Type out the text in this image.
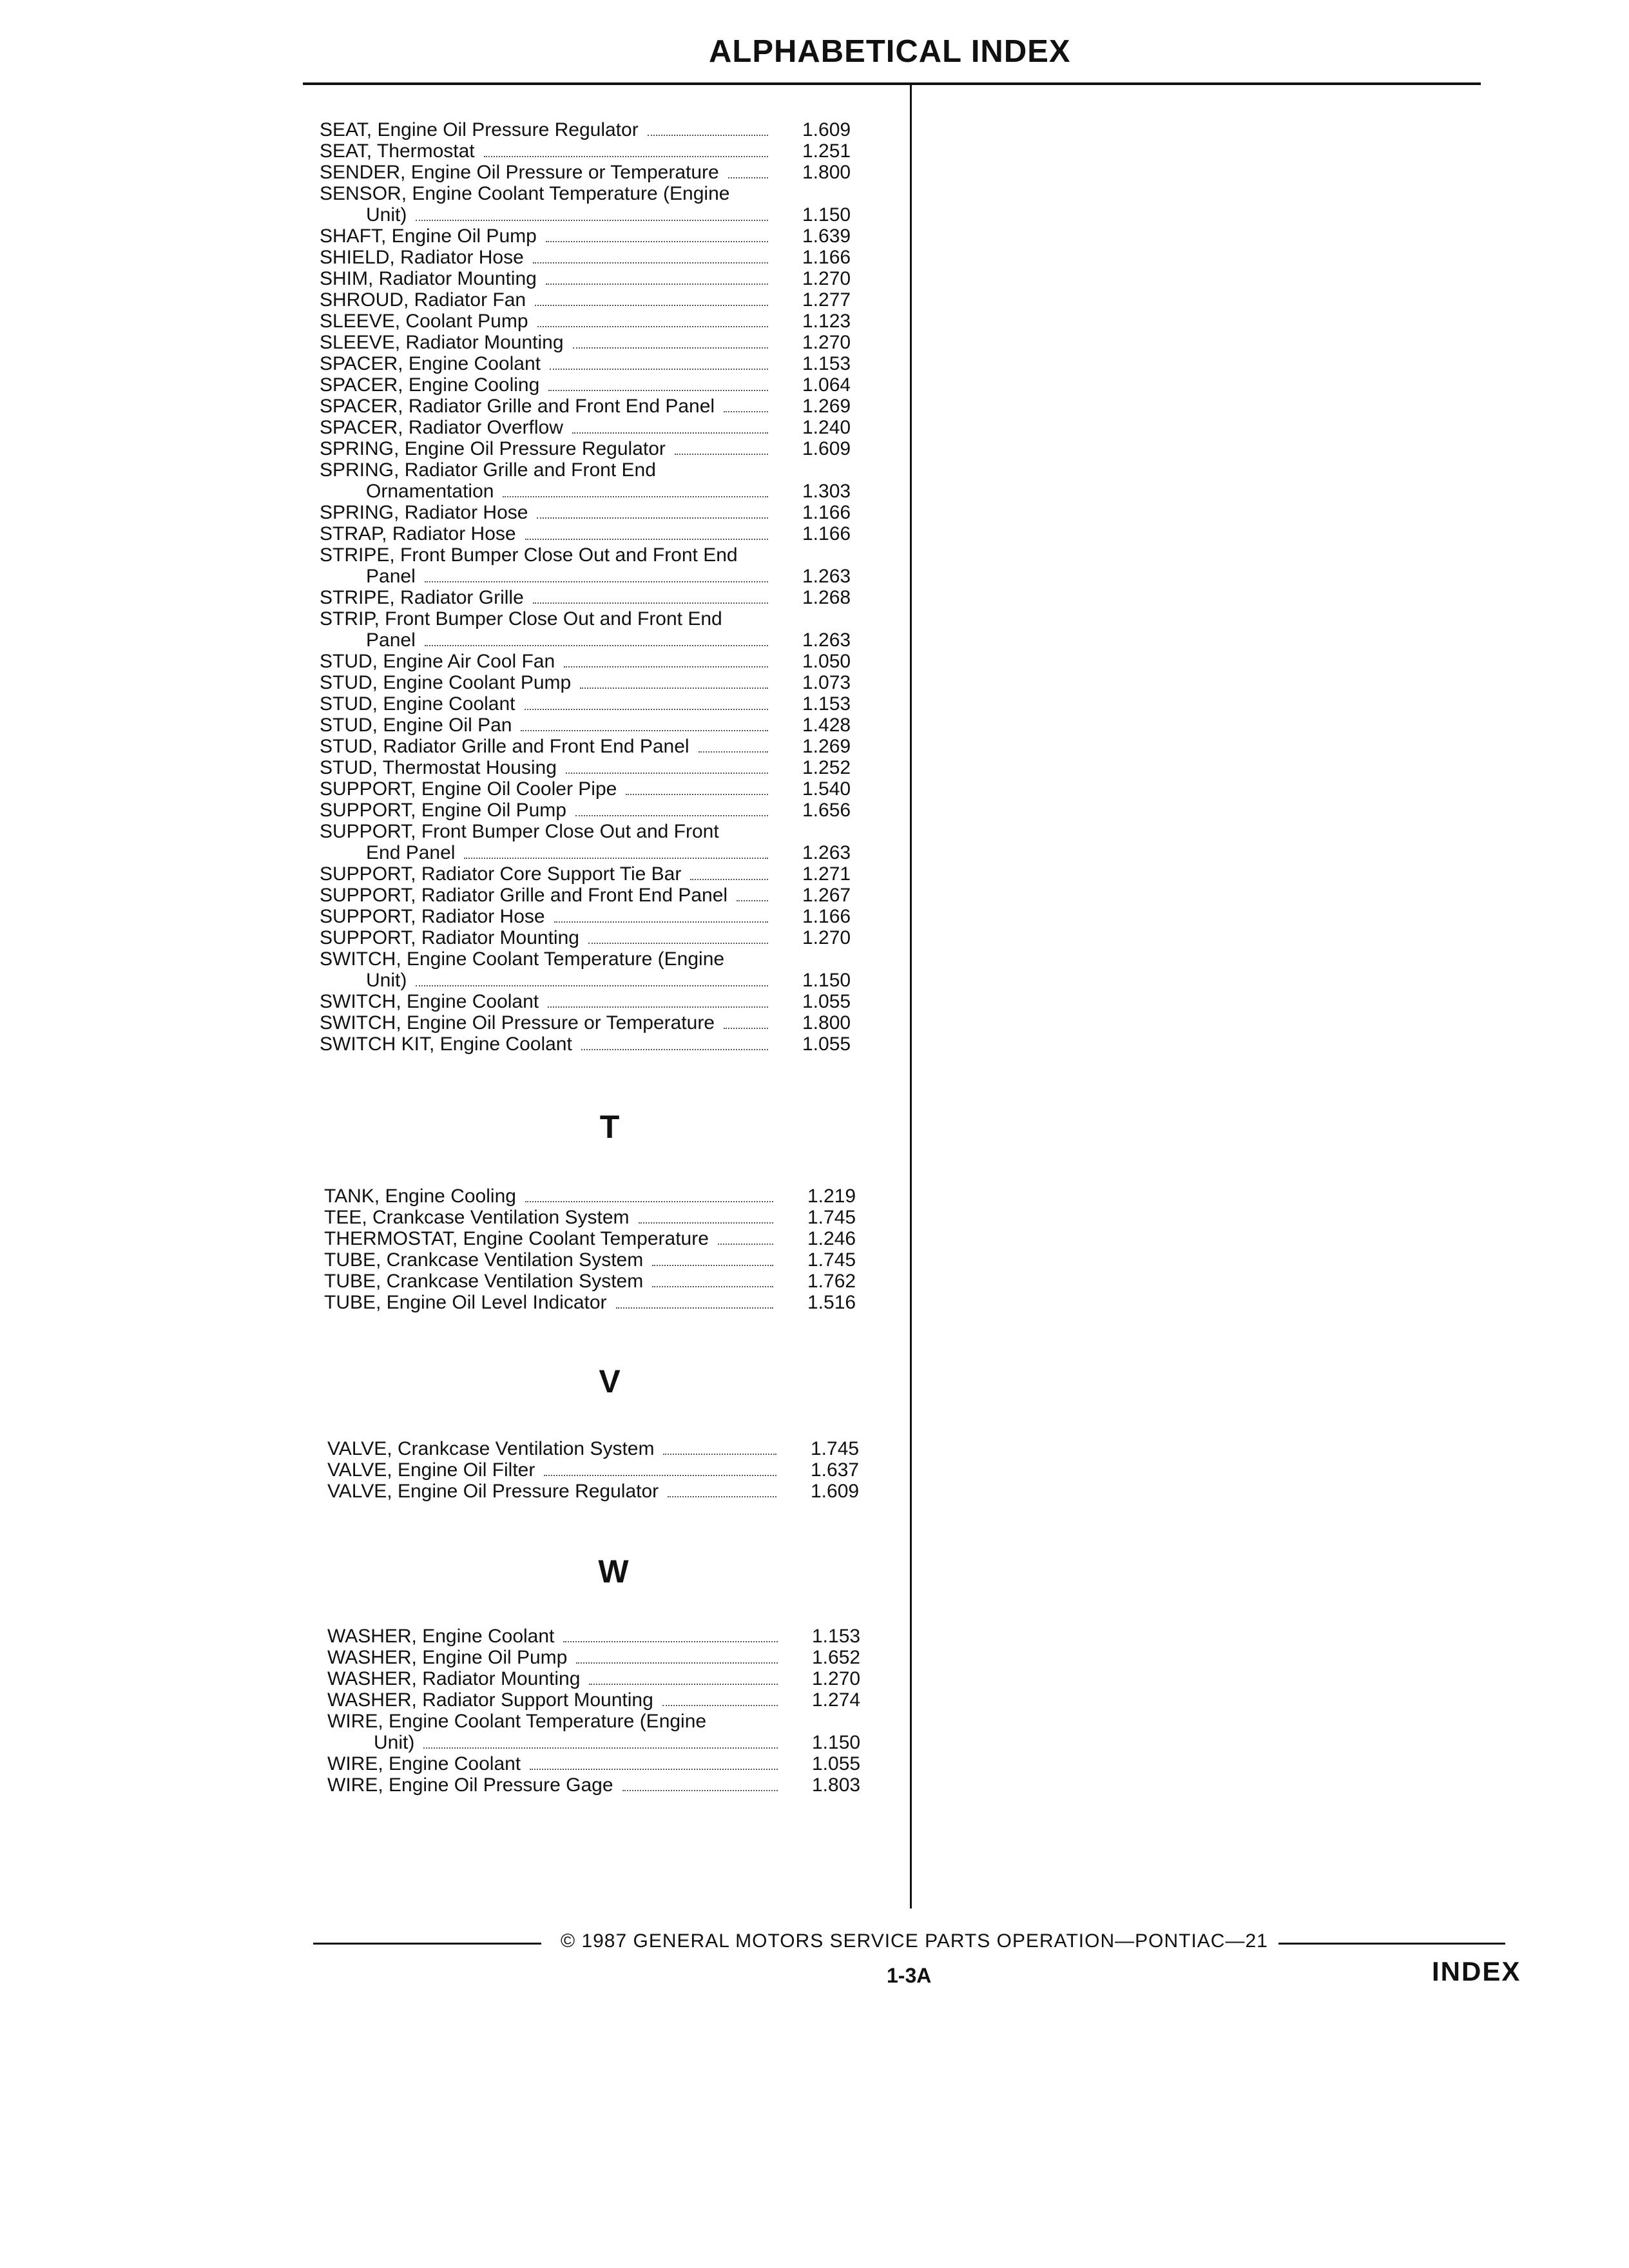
ALPHABETICAL INDEX
SEAT, Engine Oil Pressure Regulator	1.609
SEAT, Thermostat	1.251
SENDER, Engine Oil Pressure or Temperature	1.800
SENSOR, Engine Coolant Temperature (Engine
Unit)	1.150
SHAFT, Engine Oil Pump	1.639
SHIELD, Radiator Hose	1.166
SHIM, Radiator Mounting	1.270
SHROUD, Radiator Fan	1.277
SLEEVE, Coolant Pump	1.123
SLEEVE, Radiator Mounting	1.270
SPACER, Engine Coolant	1.153
SPACER, Engine Cooling	1.064
SPACER, Radiator Grille and Front End Panel	1.269
SPACER, Radiator Overflow	1.240
SPRING, Engine Oil Pressure Regulator	1.609
SPRING, Radiator Grille and Front End
Ornamentation	1.303
SPRING, Radiator Hose	1.166
STRAP, Radiator Hose	1.166
STRIPE, Front Bumper Close Out and Front End
Panel	1.263
STRIPE, Radiator Grille	1.268
STRIP, Front Bumper Close Out and Front End
Panel	1.263
STUD, Engine Air Cool Fan	1.050
STUD, Engine Coolant Pump	1.073
STUD, Engine Coolant	1.153
STUD, Engine Oil Pan	1.428
STUD, Radiator Grille and Front End Panel	1.269
STUD, Thermostat Housing	1.252
SUPPORT, Engine Oil Cooler Pipe	1.540
SUPPORT, Engine Oil Pump	1.656
SUPPORT, Front Bumper Close Out and Front
End Panel	1.263
SUPPORT, Radiator Core Support Tie Bar	1.271
SUPPORT, Radiator Grille and Front End Panel	1.267
SUPPORT, Radiator Hose	1.166
SUPPORT, Radiator Mounting	1.270
SWITCH, Engine Coolant Temperature (Engine
Unit)	1.150
SWITCH, Engine Coolant	1.055
SWITCH, Engine Oil Pressure or Temperature	1.800
SWITCH KIT, Engine Coolant	1.055
T
TANK, Engine Cooling	1.219
TEE, Crankcase Ventilation System	1.745
THERMOSTAT, Engine Coolant Temperature	1.246
TUBE, Crankcase Ventilation System	1.745
TUBE, Crankcase Ventilation System	1.762
TUBE, Engine Oil Level Indicator	1.516
V
VALVE, Crankcase Ventilation System	1.745
VALVE, Engine Oil Filter	1.637
VALVE, Engine Oil Pressure Regulator	1.609
W
WASHER, Engine Coolant	1.153
WASHER, Engine Oil Pump	1.652
WASHER, Radiator Mounting	1.270
WASHER, Radiator Support Mounting	1.274
WIRE, Engine Coolant Temperature (Engine
Unit)	1.150
WIRE, Engine Coolant	1.055
WIRE, Engine Oil Pressure Gage	1.803
© 1987 GENERAL MOTORS SERVICE PARTS OPERATION—PONTIAC—21
1-3A	INDEX
